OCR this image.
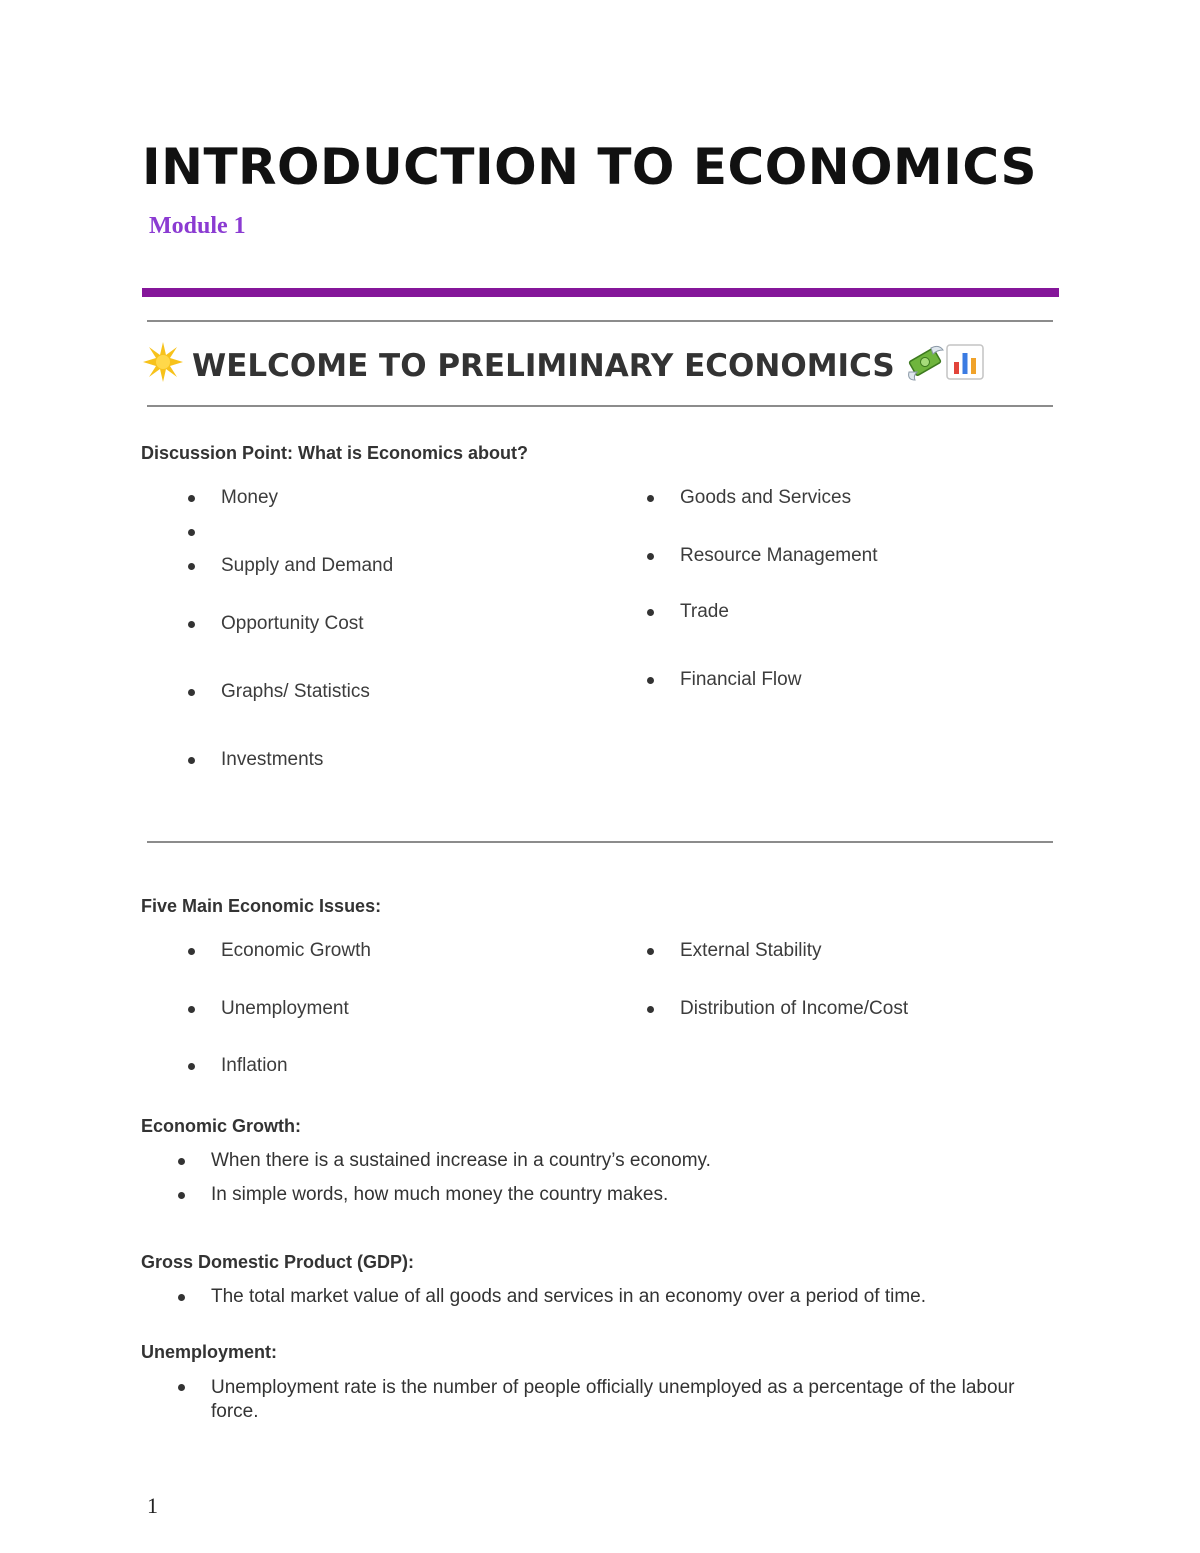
INTRODUCTION TO ECONOMICS
Module 1
WELCOME TO PRELIMINARY ECONOMICS
Discussion Point: What is Economics about?
Money
Supply and Demand
Opportunity Cost
Graphs/ Statistics
Investments
Goods and Services
Resource Management
Trade
Financial Flow
Five Main Economic Issues:
Economic Growth
Unemployment
Inflation
External Stability
Distribution of Income/Cost
Economic Growth:
When there is a sustained increase in a country’s economy.
In simple words, how much money the country makes.
Gross Domestic Product (GDP):
The total market value of all goods and services in an economy over a period of time.
Unemployment:
Unemployment rate is the number of people officially unemployed as a percentage of the labour force.
1
